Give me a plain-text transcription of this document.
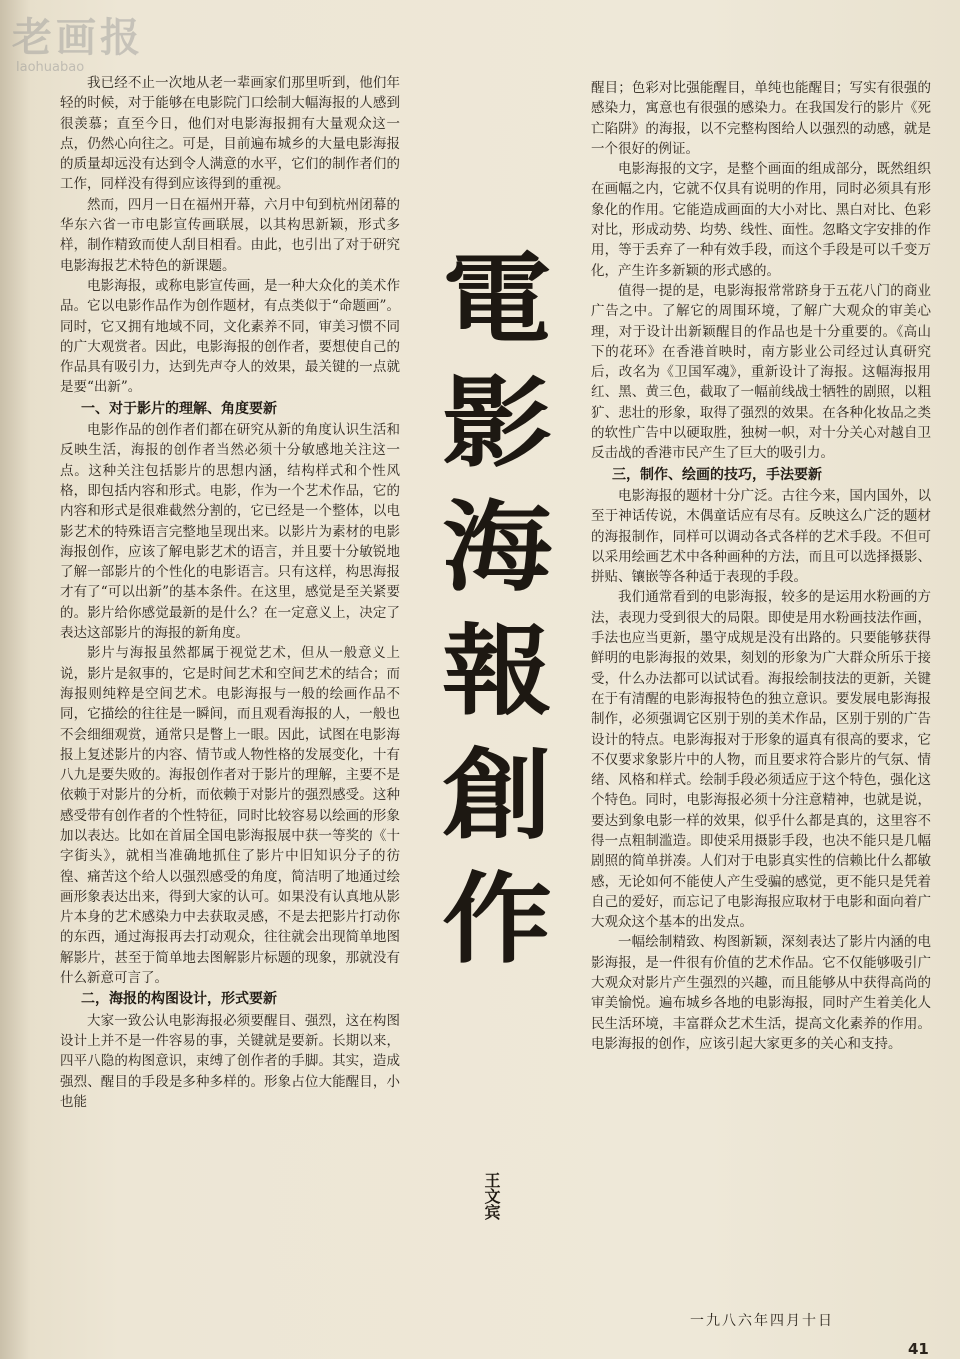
老画报
laohuabao

我已经不止一次地从老一辈画家们那里听到，他们年轻的时候，对于能够在电影院门口绘制大幅海报的人感到很羡慕；直至今日，他们对电影海报拥有大量观众这一点，仍然心向往之。可是，目前遍布城乡的大量电影海报的质量却远没有达到令人满意的水平，它们的制作者们的工作，同样没有得到应该得到的重视。

然而，四月一日在福州开幕，六月中旬到杭州闭幕的华东六省一市电影宣传画联展，以其构思新颖，形式多样，制作精致而使人刮目相看。由此，也引出了对于研究电影海报艺术特色的新课题。

电影海报，或称电影宣传画，是一种大众化的美术作品。它以电影作品作为创作题材，有点类似于“命题画”。同时，它又拥有地域不同，文化素养不同，审美习惯不同的广大观赏者。因此，电影海报的创作者，要想使自己的作品具有吸引力，达到先声夺人的效果，最关键的一点就是要“出新”。

一、对于影片的理解、角度要新

电影作品的创作者们都在研究从新的角度认识生活和反映生活，海报的创作者当然必须十分敏感地关注这一点。这种关注包括影片的思想内涵，结构样式和个性风格，即包括内容和形式。电影，作为一个艺术作品，它的内容和形式是很难截然分割的，它已经是一个整体，以电影艺术的特殊语言完整地呈现出来。以影片为素材的电影海报创作，应该了解电影艺术的语言，并且要十分敏锐地了解一部影片的个性化的电影语言。只有这样，构思海报才有了“可以出新”的基本条件。在这里，感觉是至关紧要的。影片给你感觉最新的是什么？在一定意义上，决定了表达这部影片的海报的新角度。

影片与海报虽然都属于视觉艺术，但从一般意义上说，影片是叙事的，它是时间艺术和空间艺术的结合；而海报则纯粹是空间艺术。电影海报与一般的绘画作品不同，它描绘的往往是一瞬间，而且观看海报的人，一般也不会细细观赏，通常只是瞥上一眼。因此，试图在电影海报上复述影片的内容、情节或人物性格的发展变化，十有八九是要失败的。海报创作者对于影片的理解，主要不是依赖于对影片的分析，而依赖于对影片的强烈感受。这种感受带有创作者的个性特征，同时比较容易以绘画的形象加以表达。比如在首届全国电影海报展中获一等奖的《十字街头》，就相当准确地抓住了影片中旧知识分子的彷徨、痛苦这个给人以强烈感受的角度，简洁明了地通过绘画形象表达出来，得到大家的认可。如果没有认真地从影片本身的艺术感染力中去获取灵感，不是去把影片打动你的东西，通过海报再去打动观众，往往就会出现简单地图解影片，甚至于简单地去图解影片标题的现象，那就没有什么新意可言了。

二，海报的构图设计，形式要新

大家一致公认电影海报必须要醒目、强烈，这在构图设计上并不是一件容易的事，关键就是要新。长期以来，四平八隐的构图意识，束缚了创作者的手脚。其实，造成强烈、醒目的手段是多种多样的。形象占位大能醒目，小也能

電
影
海
報
創
作
王文宾

醒目；色彩对比强能醒目，单纯也能醒目；写实有很强的感染力，寓意也有很强的感染力。在我国发行的影片《死亡陷阱》的海报，以不完整构图给人以强烈的动感，就是一个很好的例证。

电影海报的文字，是整个画面的组成部分，既然组织在画幅之内，它就不仅具有说明的作用，同时必须具有形象化的作用。它能造成画面的大小对比、黑白对比、色彩对比，形成动势、均势、线性、面性。忽略文字安排的作用，等于丢弃了一种有效手段，而这个手段是可以千变万化，产生许多新颖的形式感的。

值得一提的是，电影海报常常跻身于五花八门的商业广告之中。了解它的周围环境，了解广大观众的审美心理，对于设计出新颖醒目的作品也是十分重要的。《高山下的花环》在香港首映时，南方影业公司经过认真研究后，改名为《卫国军魂》，重新设计了海报。这幅海报用红、黑、黄三色，截取了一幅前线战士牺牲的剧照，以粗犷、悲壮的形象，取得了强烈的效果。在各种化妆品之类的软性广告中以硬取胜，独树一帜，对十分关心对越自卫反击战的香港市民产生了巨大的吸引力。

三，制作、绘画的技巧，手法要新

电影海报的题材十分广泛。古往今来，国内国外，以至于神话传说，木偶童话应有尽有。反映这么广泛的题材的海报制作，同样可以调动各式各样的艺术手段。不但可以采用绘画艺术中各种画种的方法，而且可以选择摄影、拼贴、镶嵌等各种适于表现的手段。

我们通常看到的电影海报，较多的是运用水粉画的方法，表现力受到很大的局限。即使是用水粉画技法作画，手法也应当更新，墨守成规是没有出路的。只要能够获得鲜明的电影海报的效果，刻划的形象为广大群众所乐于接受，什么办法都可以试试看。海报绘制技法的更新，关键在于有清醒的电影海报特色的独立意识。要发展电影海报制作，必须强调它区别于别的美术作品，区别于别的广告设计的特点。电影海报对于形象的逼真有很高的要求，它不仅要求象影片中的人物，而且要求符合影片的气氛、情绪、风格和样式。绘制手段必须适应于这个特色，强化这个特色。同时，电影海报必须十分注意精神，也就是说，要达到象电影一样的效果，似乎什么都是真的，这里容不得一点粗制滥造。即使采用摄影手段，也决不能只是几幅剧照的简单拼凑。人们对于电影真实性的信赖比什么都敏感，无论如何不能使人产生受骗的感觉，更不能只是凭着自己的爱好，而忘记了电影海报应取材于电影和面向着广大观众这个基本的出发点。

一幅绘制精致、构图新颖，深刻表达了影片内涵的电影海报，是一件很有价值的艺术作品。它不仅能够吸引广大观众对影片产生强烈的兴趣，而且能够从中获得高尚的审美愉悦。遍布城乡各地的电影海报，同时产生着美化人民生活环境，丰富群众艺术生活，提高文化素养的作用。电影海报的创作，应该引起大家更多的关心和支持。

一九八六年四月十日
41
